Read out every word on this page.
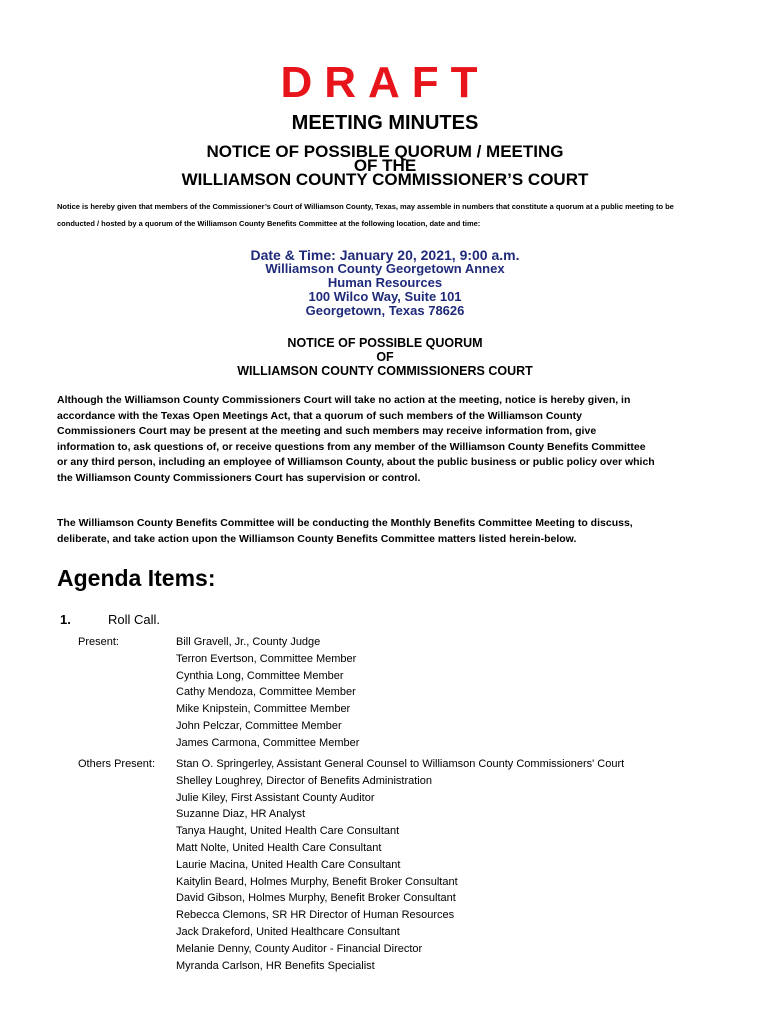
DRAFT
MEETING MINUTES
NOTICE OF POSSIBLE QUORUM / MEETING
OF THE
WILLIAMSON COUNTY COMMISSIONER’S COURT
Notice is hereby given that members of the Commissioner’s Court of Williamson County, Texas, may assemble in numbers that constitute a quorum at a public meeting to be
conducted / hosted by a quorum of the Williamson County Benefits Committee at the following location, date and time:
Date & Time: January 20, 2021, 9:00 a.m.
Williamson County Georgetown Annex
Human Resources
100 Wilco Way, Suite 101
Georgetown, Texas 78626
NOTICE OF POSSIBLE QUORUM
OF
WILLIAMSON COUNTY COMMISSIONERS COURT
Although the Williamson County Commissioners Court will take no action at the meeting, notice is hereby given, in
accordance with the Texas Open Meetings Act, that a quorum of such members of the Williamson County
Commissioners Court may be present at the meeting and such members may receive information from, give
information to, ask questions of, or receive questions from any member of the Williamson County Benefits Committee
or any third person, including an employee of Williamson County, about the public business or public policy over which
the Williamson County Commissioners Court has supervision or control.
The Williamson County Benefits Committee will be conducting the Monthly Benefits Committee Meeting to discuss,
deliberate, and take action upon the Williamson County Benefits Committee matters listed herein-below.
Agenda Items:
1.	Roll Call.
Present:	Bill Gravell, Jr., County Judge
Terron Evertson, Committee Member
Cynthia Long, Committee Member
Cathy Mendoza, Committee Member
Mike Knipstein, Committee Member
John Pelczar, Committee Member
James Carmona, Committee Member
Others Present: Stan O. Springerley, Assistant General Counsel to Williamson County Commissioners' Court
Shelley Loughrey, Director of Benefits Administration
Julie Kiley, First Assistant County Auditor
Suzanne Diaz, HR Analyst
Tanya Haught, United Health Care Consultant
Matt Nolte, United Health Care Consultant
Laurie Macina, United Health Care Consultant
Kaitylin Beard, Holmes Murphy, Benefit Broker Consultant
David Gibson, Holmes Murphy, Benefit Broker Consultant
Rebecca Clemons, SR HR Director of Human Resources
Jack Drakeford, United Healthcare Consultant
Melanie Denny, County Auditor - Financial Director
Myranda Carlson, HR Benefits Specialist
